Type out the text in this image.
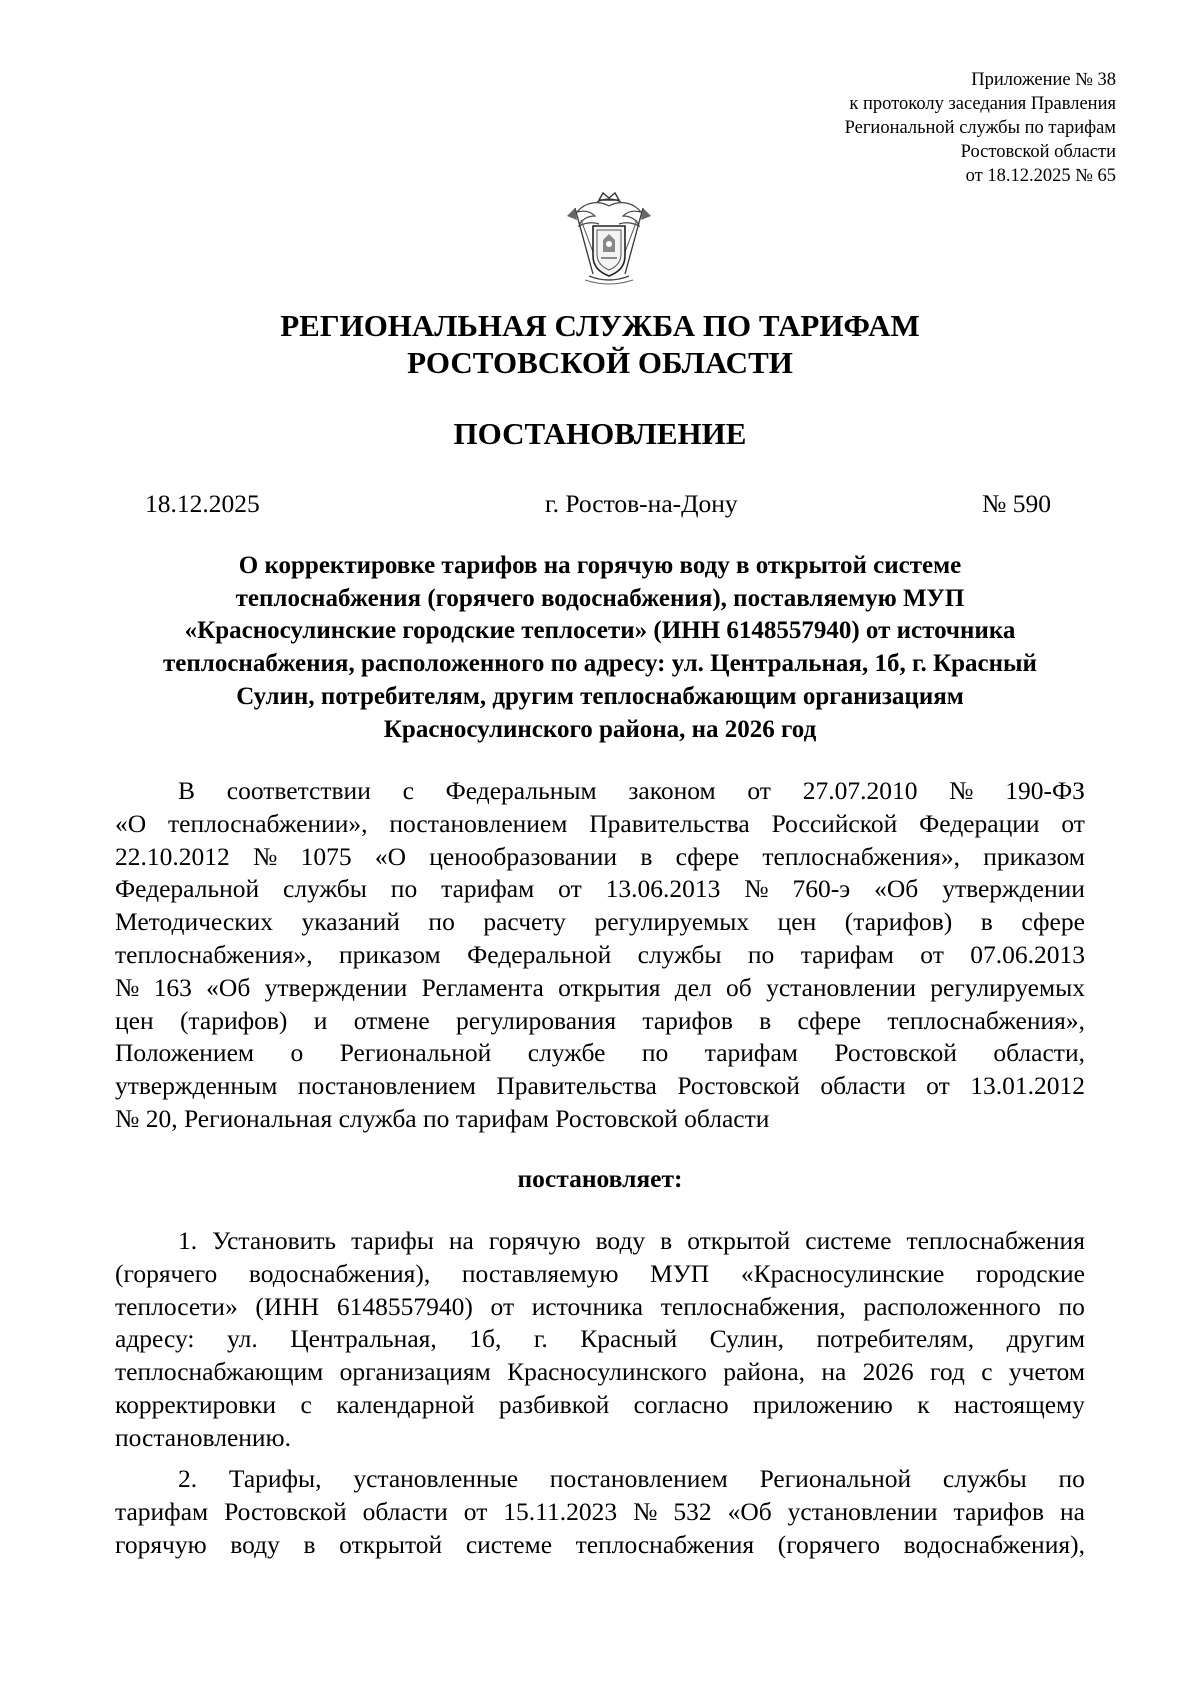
Приложение № 38
к протоколу заседания Правления
Региональной службы по тарифам
Ростовской области
от 18.12.2025 № 65
РЕГИОНАЛЬНАЯ СЛУЖБА ПО ТАРИФАМ
РОСТОВСКОЙ ОБЛАСТИ
ПОСТАНОВЛЕНИЕ
18.12.2025	г. Ростов-на-Дону	№ 590
О корректировке тарифов на горячую воду в открытой системе
теплоснабжения (горячего водоснабжения), поставляемую МУП
«Красносулинские городские теплосети» (ИНН 6148557940) от источника
теплоснабжения, расположенного по адресу: ул. Центральная, 1б, г. Красный
Сулин, потребителям, другим теплоснабжающим организациям
Красносулинского района, на 2026 год
В соответствии с Федеральным законом от 27.07.2010 № 190-ФЗ
«О теплоснабжении», постановлением Правительства Российской Федерации от
22.10.2012 № 1075 «О ценообразовании в сфере теплоснабжения», приказом
Федеральной службы по тарифам от 13.06.2013 № 760-э «Об утверждении
Методических указаний по расчету регулируемых цен (тарифов) в сфере
теплоснабжения», приказом Федеральной службы по тарифам от 07.06.2013
№ 163 «Об утверждении Регламента открытия дел об установлении регулируемых
цен (тарифов) и отмене регулирования тарифов в сфере теплоснабжения»,
Положением о Региональной службе по тарифам Ростовской области,
утвержденным постановлением Правительства Ростовской области от 13.01.2012
№ 20, Региональная служба по тарифам Ростовской области
постановляет:
1. Установить тарифы на горячую воду в открытой системе теплоснабжения
(горячего водоснабжения), поставляемую МУП «Красносулинские городские
теплосети» (ИНН 6148557940) от источника теплоснабжения, расположенного по
адресу: ул. Центральная, 1б, г. Красный Сулин, потребителям, другим
теплоснабжающим организациям Красносулинского района, на 2026 год с учетом
корректировки с календарной разбивкой согласно приложению к настоящему
постановлению.
2. Тарифы, установленные постановлением Региональной службы по
тарифам Ростовской области от 15.11.2023 № 532 «Об установлении тарифов на
горячую воду в открытой системе теплоснабжения (горячего водоснабжения),
